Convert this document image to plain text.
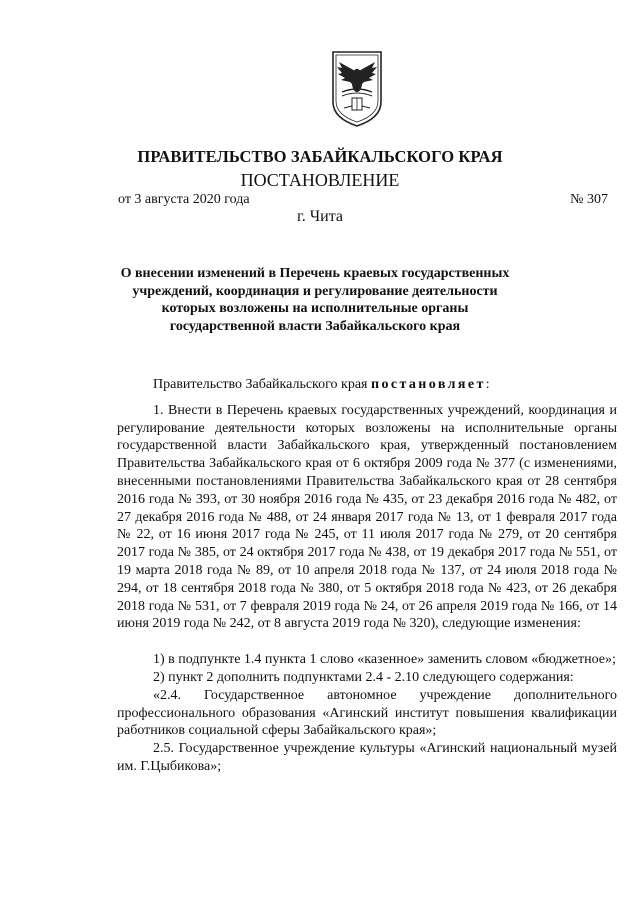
ПРАВИТЕЛЬСТВО ЗАБАЙКАЛЬСКОГО КРАЯ
ПОСТАНОВЛЕНИЕ
от 3 августа 2020 года	№ 307
г. Чита
О внесении изменений в Перечень краевых государственных учреждений, координация и регулирование деятельности которых возложены на исполнительные органы государственной власти Забайкальского края

Правительство Забайкальского края постановляет:

1. Внести в Перечень краевых государственных учреждений, координация и регулирование деятельности которых возложены на исполнительные органы государственной власти Забайкальского края, утвержденный постановлением Правительства Забайкальского края от 6 октября 2009 года № 377 (с изменениями, внесенными постановлениями Правительства Забайкальского края от 28 сентября 2016 года № 393, от 30 ноября 2016 года № 435, от 23 декабря 2016 года № 482, от 27 декабря 2016 года № 488, от 24 января 2017 года № 13, от 1 февраля 2017 года № 22, от 16 июня 2017 года № 245, от 11 июля 2017 года № 279, от 20 сентября 2017 года № 385, от 24 октября 2017 года № 438, от 19 декабря 2017 года № 551, от 19 марта 2018 года № 89, от 10 апреля 2018 года № 137, от 24 июля 2018 года № 294, от 18 сентября 2018 года № 380, от 5 октября 2018 года № 423, от 26 декабря 2018 года № 531, от 7 февраля 2019 года № 24, от 26 апреля 2019 года № 166, от 14 июня 2019 года № 242, от 8 августа 2019 года № 320), следующие изменения:

1) в подпункте 1.4 пункта 1 слово «казенное» заменить словом «бюджетное»;

2) пункт 2 дополнить подпунктами 2.4 - 2.10 следующего содержания:

«2.4. Государственное автономное учреждение дополнительного профессионального образования «Агинский институт повышения квалификации работников социальной сферы Забайкальского края»;

2.5. Государственное учреждение культуры «Агинский национальный музей им. Г.Цыбикова»;
